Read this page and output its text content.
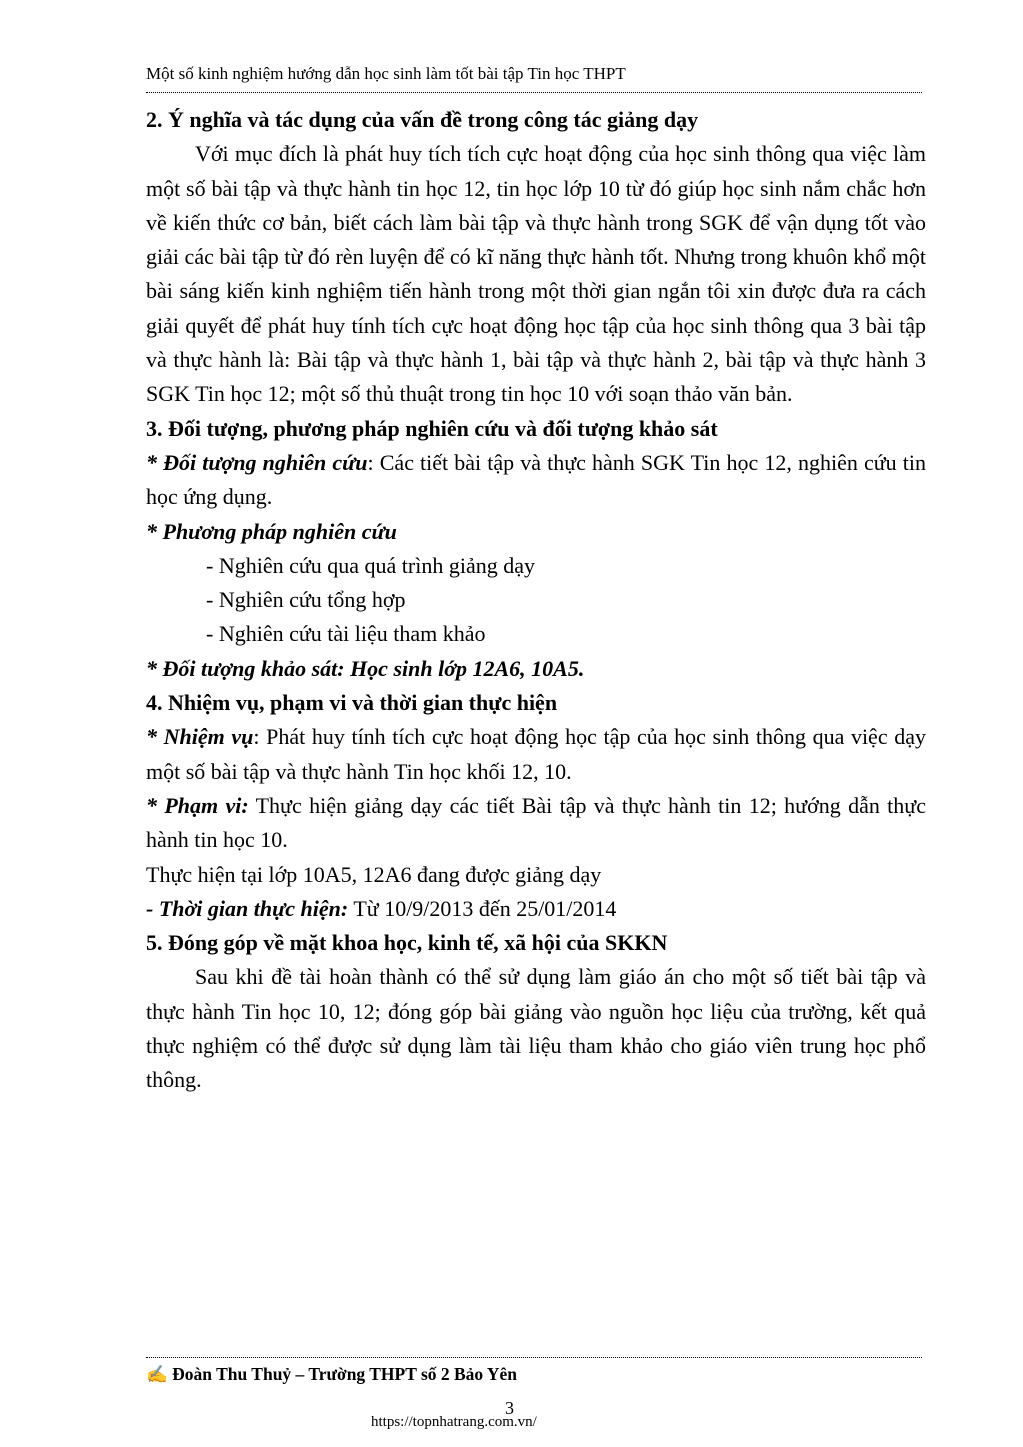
Một số kinh nghiệm hướng dẫn học sinh làm tốt bài tập Tin học THPT

2. Ý nghĩa và tác dụng của vấn đề trong công tác giảng dạy

Với mục đích là phát huy tích tích cực hoạt động của học sinh thông qua việc làm một số bài tập và thực hành tin học 12, tin học lớp 10 từ đó giúp học sinh nắm chắc hơn về kiến thức cơ bản, biết cách làm bài tập và thực hành trong SGK để vận dụng tốt vào giải các bài tập từ đó rèn luyện để có kĩ năng thực hành tốt. Nhưng trong khuôn khổ một bài sáng kiến kinh nghiệm tiến hành trong một thời gian ngắn tôi xin được đưa ra cách giải quyết để phát huy tính tích cực hoạt động học tập của học sinh thông qua 3 bài tập và thực hành là: Bài tập và thực hành 1, bài tập và thực hành 2, bài tập và thực hành 3 SGK Tin học 12; một số thủ thuật trong tin học 10 với soạn thảo văn bản.

3. Đối tượng, phương pháp nghiên cứu và đối tượng khảo sát

* Đối tượng nghiên cứu: Các tiết bài tập và thực hành SGK Tin học 12, nghiên cứu tin học ứng dụng.

* Phương pháp nghiên cứu

- Nghiên cứu qua quá trình giảng dạy

- Nghiên cứu tổng hợp

- Nghiên cứu tài liệu tham khảo

* Đối tượng khảo sát: Học sinh lớp 12A6, 10A5.

4. Nhiệm vụ, phạm vi và thời gian thực hiện

* Nhiệm vụ: Phát huy tính tích cực hoạt động học tập của học sinh thông qua việc dạy một số bài tập và thực hành Tin học khối 12, 10.

* Phạm vi: Thực hiện giảng dạy các tiết Bài tập và thực hành tin 12; hướng dẫn thực hành tin học 10.

Thực hiện tại lớp 10A5, 12A6 đang được giảng dạy

- Thời gian thực hiện: Từ 10/9/2013 đến 25/01/2014

5. Đóng góp về mặt khoa học, kinh tế, xã hội của SKKN

Sau khi đề tài hoàn thành có thể sử dụng làm giáo án cho một số tiết bài tập và thực hành Tin học 10, 12; đóng góp bài giảng vào nguồn học liệu của trường, kết quả thực nghiệm có thể được sử dụng làm tài liệu tham khảo cho giáo viên trung học phổ thông.

✍ Đoàn Thu Thuỷ – Trường THPT số 2 Bảo Yên
3
https://topnhatrang.com.vn/
